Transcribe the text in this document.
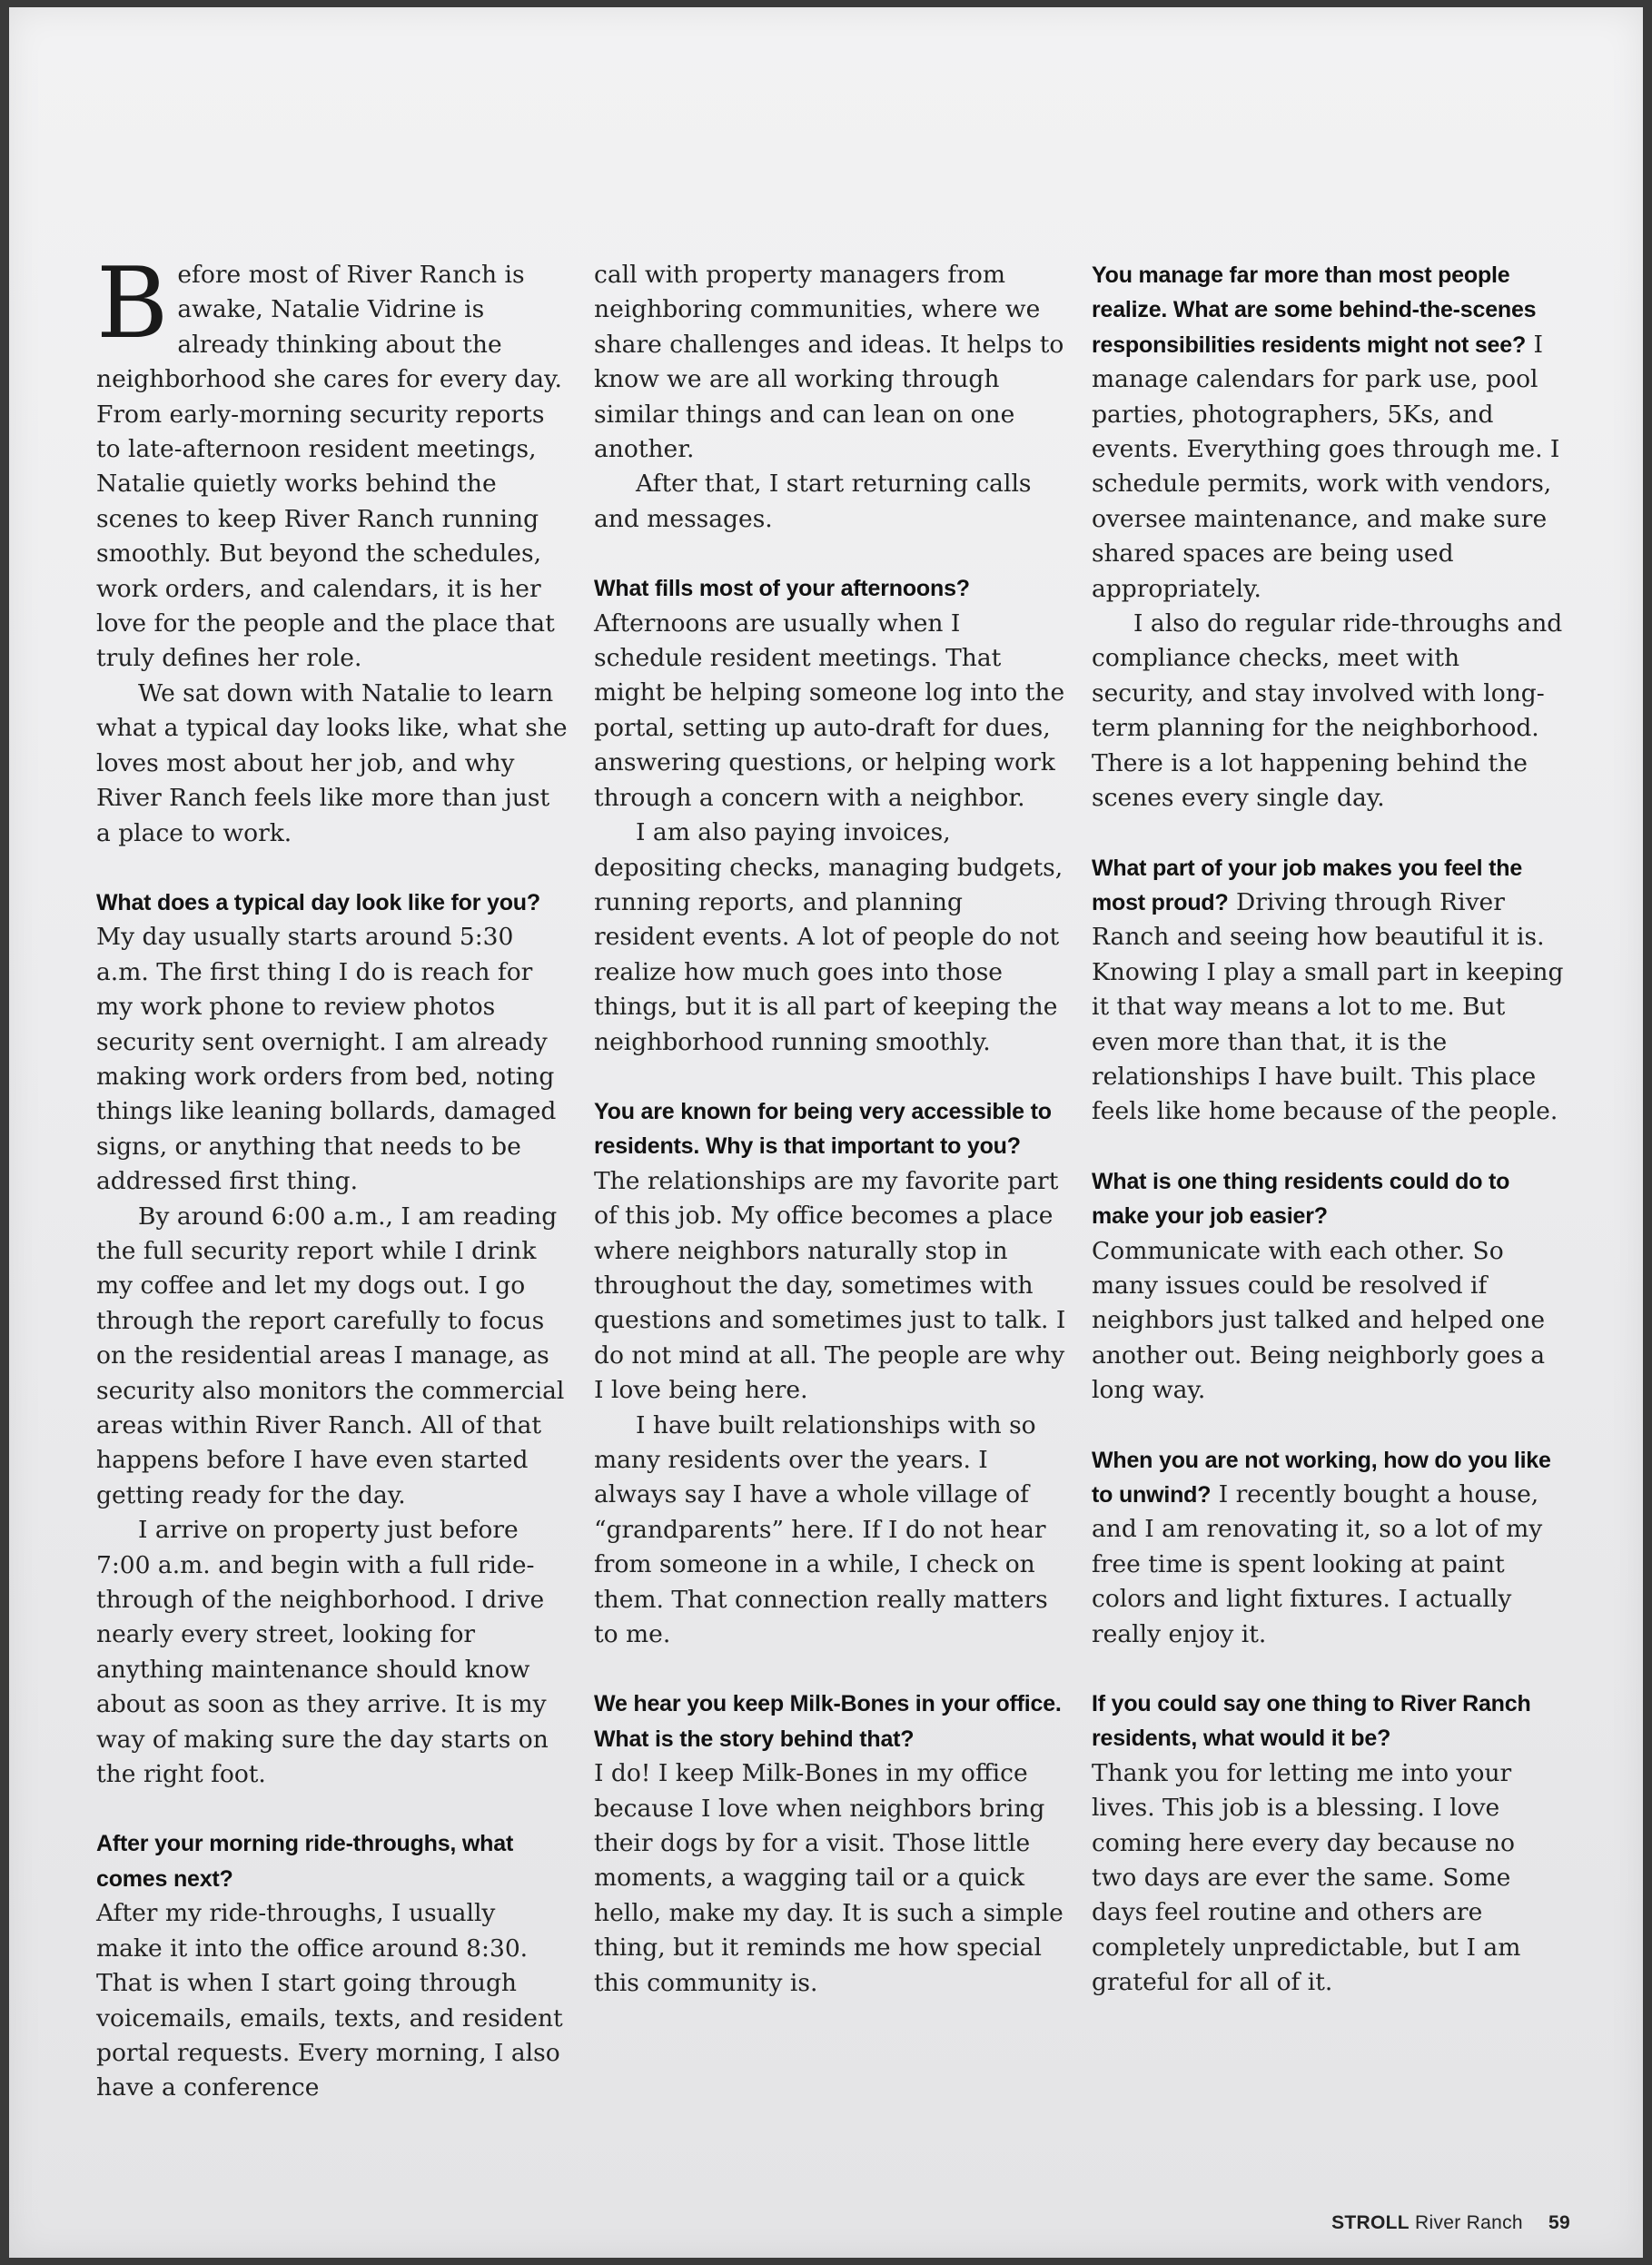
Before most of River Ranch is awake, Natalie Vidrine is already thinking about the neighborhood she cares for every day. From early-morning security reports to late-afternoon resident meetings, Natalie quietly works behind the scenes to keep River Ranch running smoothly. But beyond the schedules, work orders, and calendars, it is her love for the people and the place that truly defines her role.

We sat down with Natalie to learn what a typical day looks like, what she loves most about her job, and why River Ranch feels like more than just a place to work.

What does a typical day look like for you? My day usually starts around 5:30 a.m. The first thing I do is reach for my work phone to review photos security sent overnight. I am already making work orders from bed, noting things like leaning bollards, damaged signs, or anything that needs to be addressed first thing.

By around 6:00 a.m., I am reading the full security report while I drink my coffee and let my dogs out. I go through the report carefully to focus on the residential areas I manage, as security also monitors the commercial areas within River Ranch. All of that happens before I have even started getting ready for the day.

I arrive on property just before 7:00 a.m. and begin with a full ride-through of the neighborhood. I drive nearly every street, looking for anything maintenance should know about as soon as they arrive. It is my way of making sure the day starts on the right foot.

After your morning ride-throughs, what comes next?

After my ride-throughs, I usually make it into the office around 8:30. That is when I start going through voicemails, emails, texts, and resident portal requests. Every morning, I also have a conference

call with property managers from neighboring communities, where we share challenges and ideas. It helps to know we are all working through similar things and can lean on one another.

After that, I start returning calls and messages.

What fills most of your afternoons?

Afternoons are usually when I schedule resident meetings. That might be helping someone log into the portal, setting up auto-draft for dues, answering questions, or helping work through a concern with a neighbor.

I am also paying invoices, depositing checks, managing budgets, running reports, and planning resident events. A lot of people do not realize how much goes into those things, but it is all part of keeping the neighborhood running smoothly.

You are known for being very accessible to residents. Why is that important to you? The relationships are my favorite part of this job. My office becomes a place where neighbors naturally stop in throughout the day, sometimes with questions and sometimes just to talk. I do not mind at all. The people are why I love being here.

I have built relationships with so many residents over the years. I always say I have a whole village of “grandparents” here. If I do not hear from someone in a while, I check on them. That connection really matters to me.

We hear you keep Milk-Bones in your office. What is the story behind that?

I do! I keep Milk-Bones in my office because I love when neighbors bring their dogs by for a visit. Those little moments, a wagging tail or a quick hello, make my day. It is such a simple thing, but it reminds me how special this community is.

You manage far more than most people realize. What are some behind-the-scenes responsibilities residents might not see? I manage calendars for park use, pool parties, photographers, 5Ks, and events. Everything goes through me. I schedule permits, work with vendors, oversee maintenance, and make sure shared spaces are being used appropriately.

I also do regular ride-throughs and compliance checks, meet with security, and stay involved with long-term planning for the neighborhood. There is a lot happening behind the scenes every single day.

What part of your job makes you feel the most proud? Driving through River Ranch and seeing how beautiful it is. Knowing I play a small part in keeping it that way means a lot to me. But even more than that, it is the relationships I have built. This place feels like home because of the people.

What is one thing residents could do to make your job easier?

Communicate with each other. So many issues could be resolved if neighbors just talked and helped one another out. Being neighborly goes a long way.

When you are not working, how do you like to unwind? I recently bought a house, and I am renovating it, so a lot of my free time is spent looking at paint colors and light fixtures. I actually really enjoy it.

If you could say one thing to River Ranch residents, what would it be?

Thank you for letting me into your lives. This job is a blessing. I love coming here every day because no two days are ever the same. Some days feel routine and others are completely unpredictable, but I am grateful for all of it.

STROLL River Ranch 59
